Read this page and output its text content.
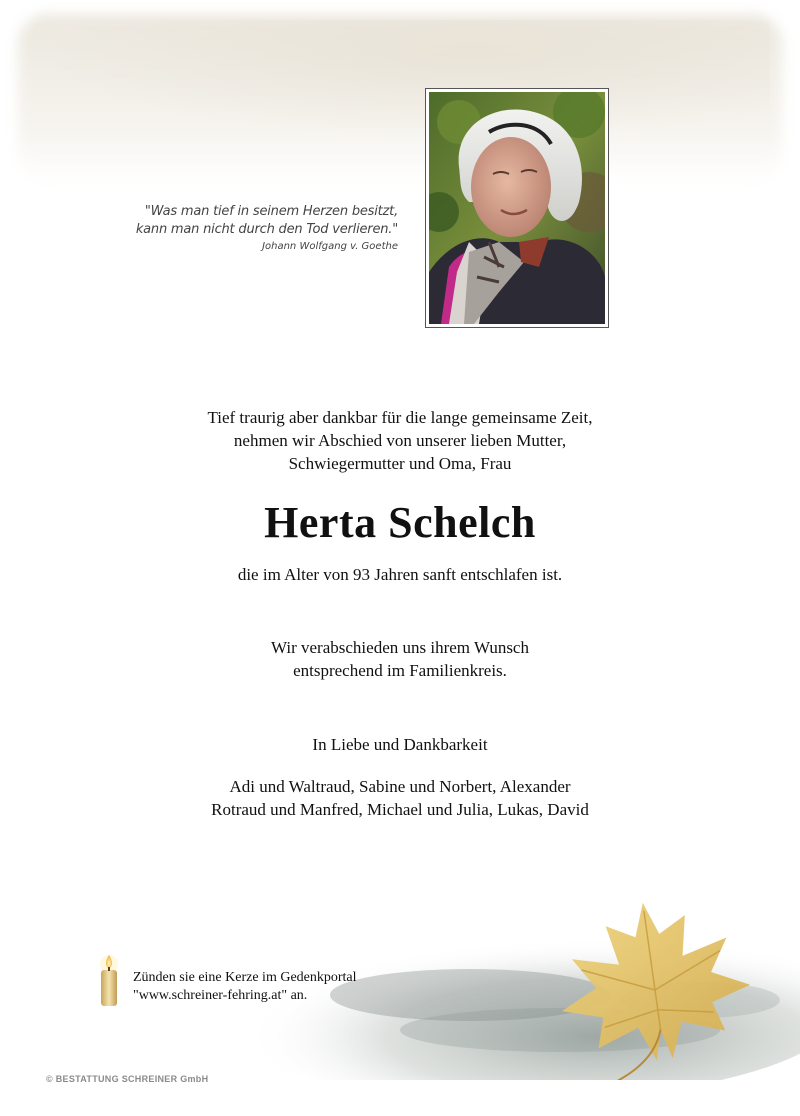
"Was man tief in seinem Herzen besitzt,
kann man nicht durch den Tod verlieren."
Johann Wolfgang v. Goethe
Tief traurig aber dankbar für die lange gemeinsame Zeit,
nehmen wir Abschied von unserer lieben Mutter,
Schwiegermutter und Oma, Frau
Herta Schelch
die im Alter von 93 Jahren sanft entschlafen ist.
Wir verabschieden uns ihrem Wunsch
entsprechend im Familienkreis.
In Liebe und Dankbarkeit
Adi und Waltraud, Sabine und Norbert, Alexander
Rotraud und Manfred, Michael und Julia, Lukas, David
Zünden sie eine Kerze im Gedenkportal
"www.schreiner-fehring.at" an.
© BESTATTUNG SCHREINER GmbH
